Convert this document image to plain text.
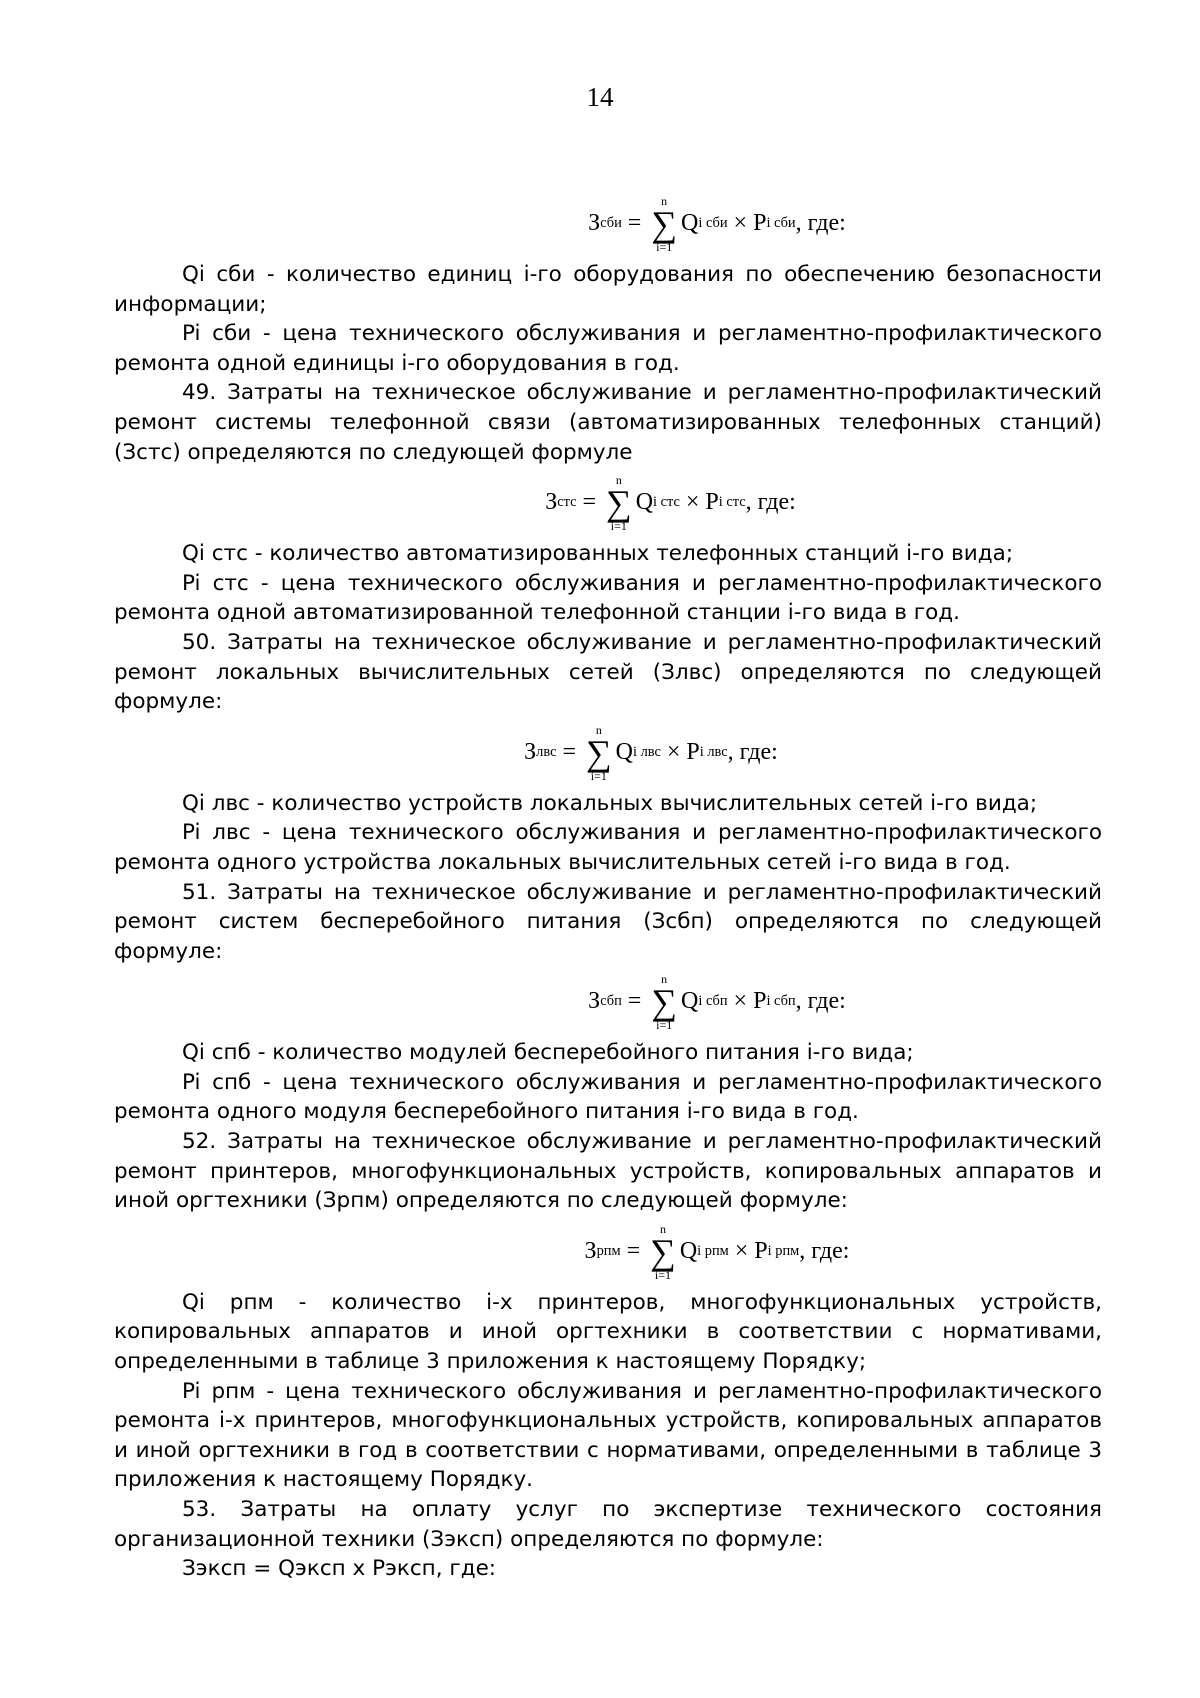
14
З сби =
n
∑
i=1
Q i сби × P i сби , где:

Qi сби - количество единиц i-го оборудования по обеспечению безопасности информации;

Pi сби - цена технического обслуживания и регламентно-профилактического ремонта одной единицы i-го оборудования в год.

49. Затраты на техническое обслуживание и регламентно-профилактический ремонт системы телефонной связи (автоматизированных телефонных станций) (Зстс) определяются по следующей формуле

З стс =
n
∑
i=1
Q i стс × P i стс , где:

Qi стс - количество автоматизированных телефонных станций i-го вида;

Pi стс - цена технического обслуживания и регламентно-профилактического ремонта одной автоматизированной телефонной станции i-го вида в год.

50. Затраты на техническое обслуживание и регламентно-профилактический ремонт локальных вычислительных сетей (Злвс) определяются по следующей формуле:

З лвс =
n
∑
i=1
Q i лвс × P i лвс , где:

Qi лвс - количество устройств локальных вычислительных сетей i-го вида;

Pi лвс - цена технического обслуживания и регламентно-профилактического ремонта одного устройства локальных вычислительных сетей i-го вида в год.

51. Затраты на техническое обслуживание и регламентно-профилактический ремонт систем бесперебойного питания (Зсбп) определяются по следующей формуле:

З сбп =
n
∑
i=1
Q i сбп × P i сбп , где:

Qi спб - количество модулей бесперебойного питания i-го вида;

Pi спб - цена технического обслуживания и регламентно-профилактического ремонта одного модуля бесперебойного питания i-го вида в год.

52. Затраты на техническое обслуживание и регламентно-профилактический ремонт принтеров, многофункциональных устройств, копировальных аппаратов и иной оргтехники (Зрпм) определяются по следующей формуле:

З рпм =
n
∑
i=1
Q i рпм × P i рпм , где:

Qi рпм - количество i-х принтеров, многофункциональных устройств, копировальных аппаратов и иной оргтехники в соответствии с нормативами, определенными в таблице 3 приложения к настоящему Порядку;

Pi рпм - цена технического обслуживания и регламентно-профилактического ремонта i-х принтеров, многофункциональных устройств, копировальных аппаратов и иной оргтехники в год в соответствии с нормативами, определенными в таблице 3 приложения к настоящему Порядку.

53. Затраты на оплату услуг по экспертизе технического состояния организационной техники (Зэксп) определяются по формуле:

Зэксп = Qэксп х Pэксп, где:
